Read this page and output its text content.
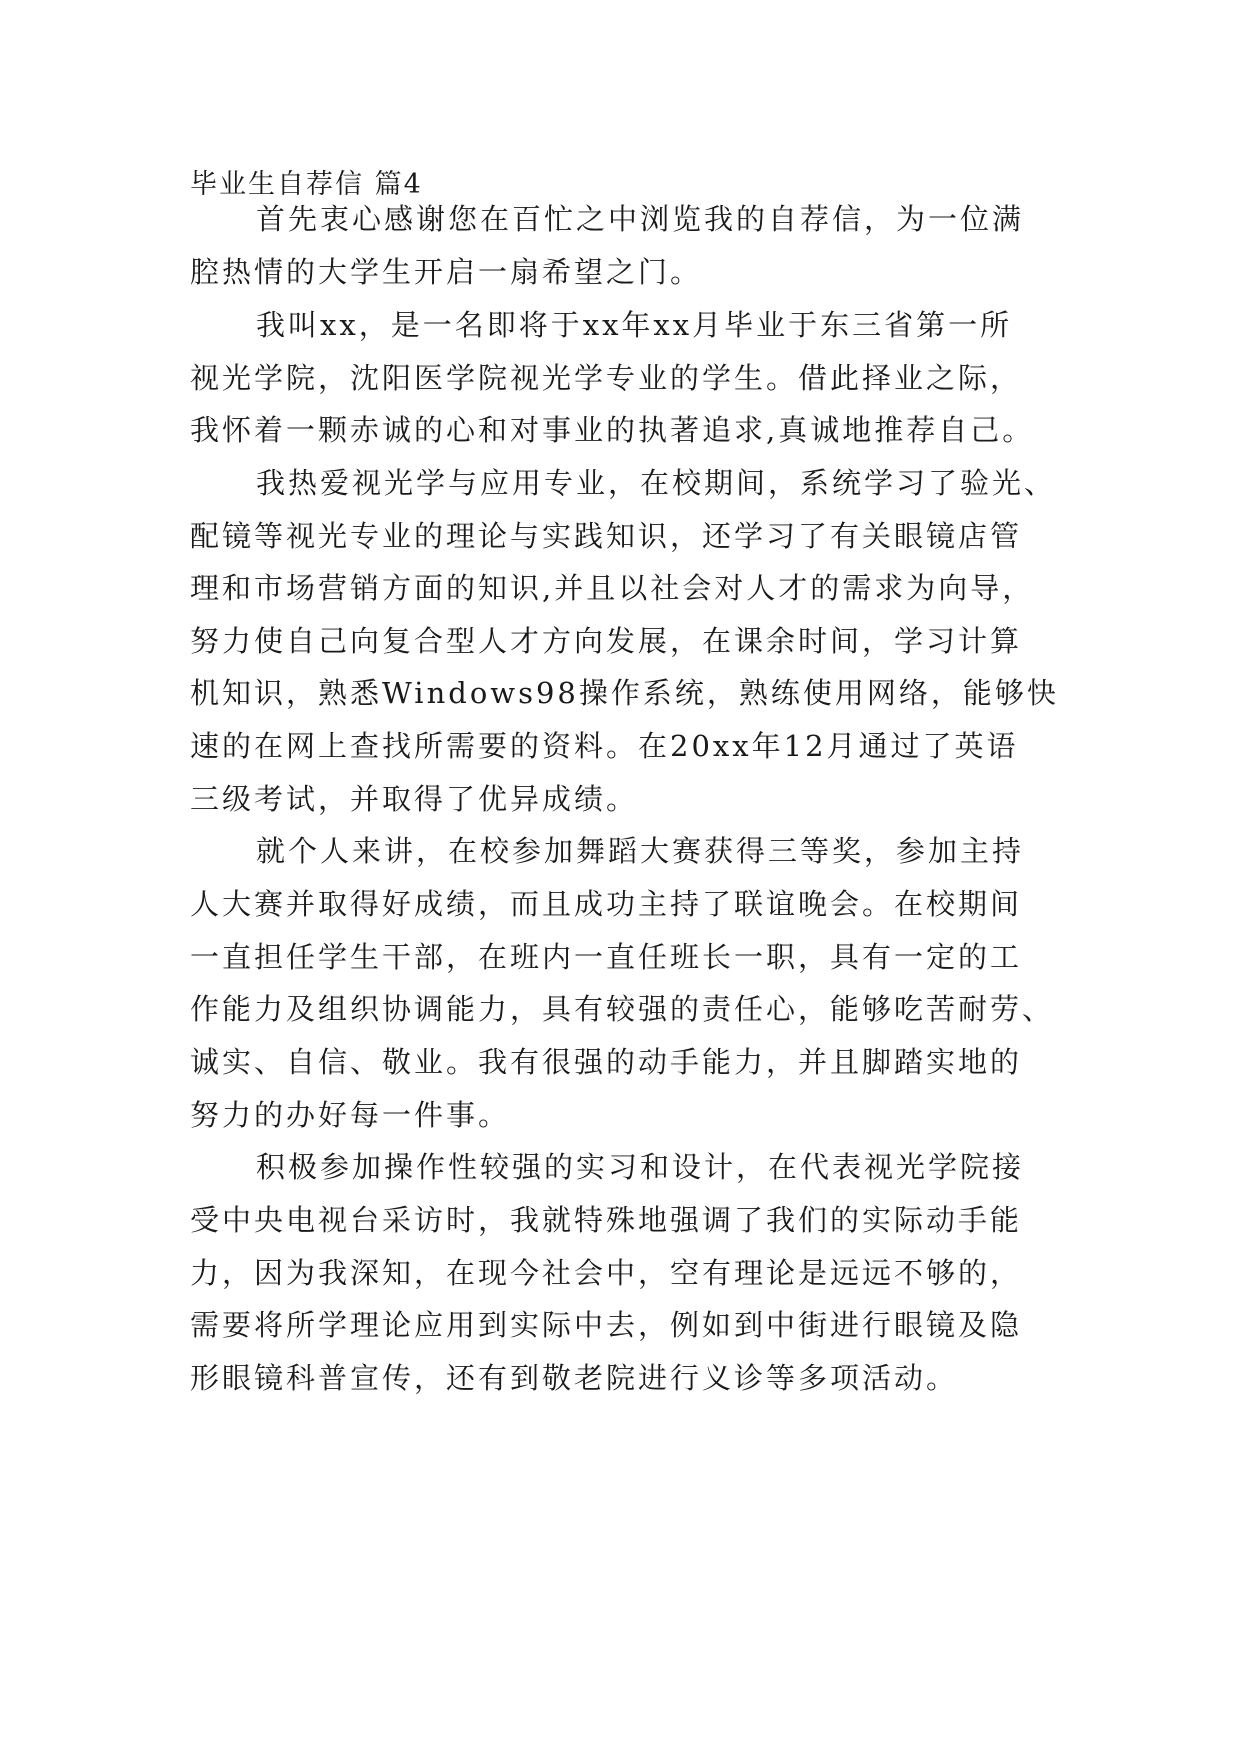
毕业生自荐信 篇4
首先衷心感谢您在百忙之中浏览我的自荐信，为一位满
腔热情的大学生开启一扇希望之门。
我叫xx，是一名即将于xx年xx月毕业于东三省第一所
视光学院，沈阳医学院视光学专业的学生。借此择业之际，
我怀着一颗赤诚的心和对事业的执著追求,真诚地推荐自己。
我热爱视光学与应用专业，在校期间，系统学习了验光、
配镜等视光专业的理论与实践知识，还学习了有关眼镜店管
理和市场营销方面的知识,并且以社会对人才的需求为向导，
努力使自己向复合型人才方向发展，在课余时间，学习计算
机知识，熟悉Windows98操作系统，熟练使用网络，能够快
速的在网上查找所需要的资料。在20xx年12月通过了英语
三级考试，并取得了优异成绩。
就个人来讲，在校参加舞蹈大赛获得三等奖，参加主持
人大赛并取得好成绩，而且成功主持了联谊晚会。在校期间
一直担任学生干部，在班内一直任班长一职，具有一定的工
作能力及组织协调能力，具有较强的责任心，能够吃苦耐劳、
诚实、自信、敬业。我有很强的动手能力，并且脚踏实地的
努力的办好每一件事。
积极参加操作性较强的实习和设计，在代表视光学院接
受中央电视台采访时，我就特殊地强调了我们的实际动手能
力，因为我深知，在现今社会中，空有理论是远远不够的，
需要将所学理论应用到实际中去，例如到中街进行眼镜及隐
形眼镜科普宣传，还有到敬老院进行义诊等多项活动。
